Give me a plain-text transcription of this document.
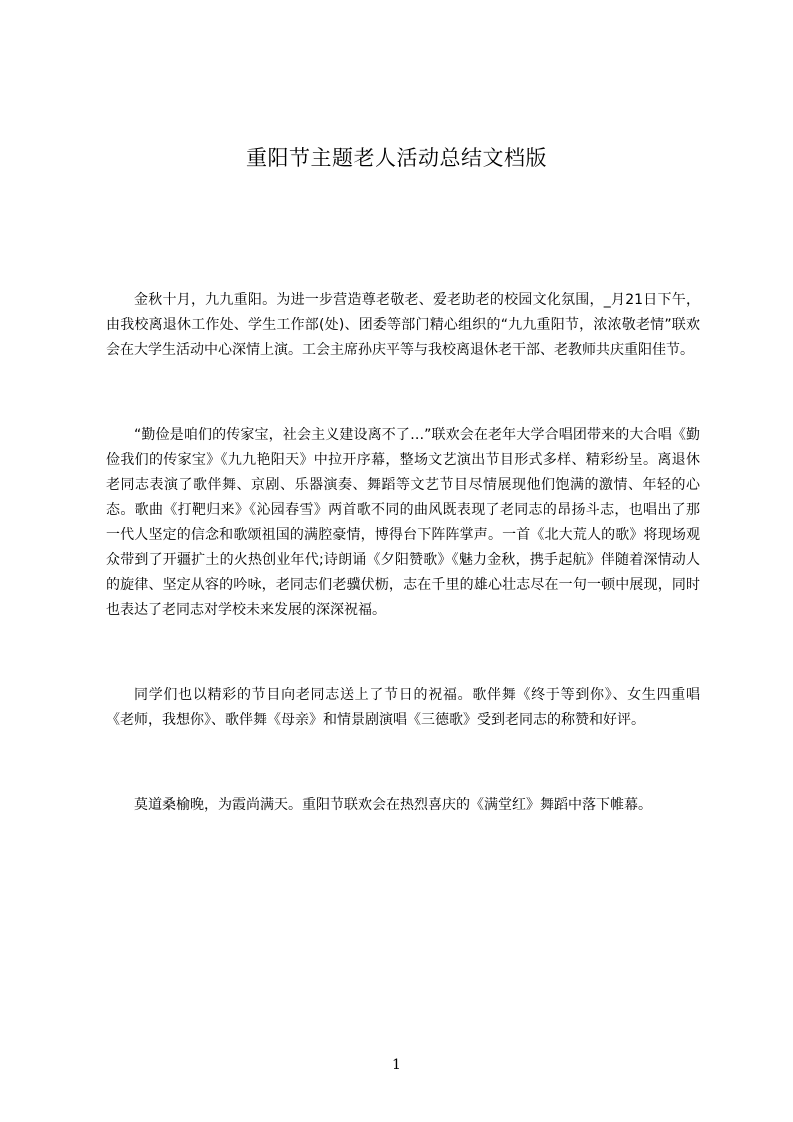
重阳节主题老人活动总结文档版

金秋十月，九九重阳。为进一步营造尊老敬老、爱老助老的校园文化氛围，_月21日下午，由我校离退休工作处、学生工作部(处)、团委等部门精心组织的“九九重阳节，浓浓敬老情”联欢会在大学生活动中心深情上演。工会主席孙庆平等与我校离退休老干部、老教师共庆重阳佳节。

“勤俭是咱们的传家宝，社会主义建设离不了…”联欢会在老年大学合唱团带来的大合唱《勤俭我们的传家宝》《九九艳阳天》中拉开序幕，整场文艺演出节目形式多样、精彩纷呈。离退休老同志表演了歌伴舞、京剧、乐器演奏、舞蹈等文艺节目尽情展现他们饱满的激情、年轻的心态。歌曲《打靶归来》《沁园春雪》两首歌不同的曲风既表现了老同志的昂扬斗志，也唱出了那一代人坚定的信念和歌颂祖国的满腔豪情，博得台下阵阵掌声。一首《北大荒人的歌》将现场观众带到了开疆扩土的火热创业年代;诗朗诵《夕阳赞歌》《魅力金秋，携手起航》伴随着深情动人的旋律、坚定从容的吟咏，老同志们老骥伏枥，志在千里的雄心壮志尽在一句一顿中展现，同时也表达了老同志对学校未来发展的深深祝福。

同学们也以精彩的节目向老同志送上了节日的祝福。歌伴舞《终于等到你》、女生四重唱《老师，我想你》、歌伴舞《母亲》和情景剧演唱《三德歌》受到老同志的称赞和好评。

莫道桑榆晚，为霞尚满天。重阳节联欢会在热烈喜庆的《满堂红》舞蹈中落下帷幕。

1
